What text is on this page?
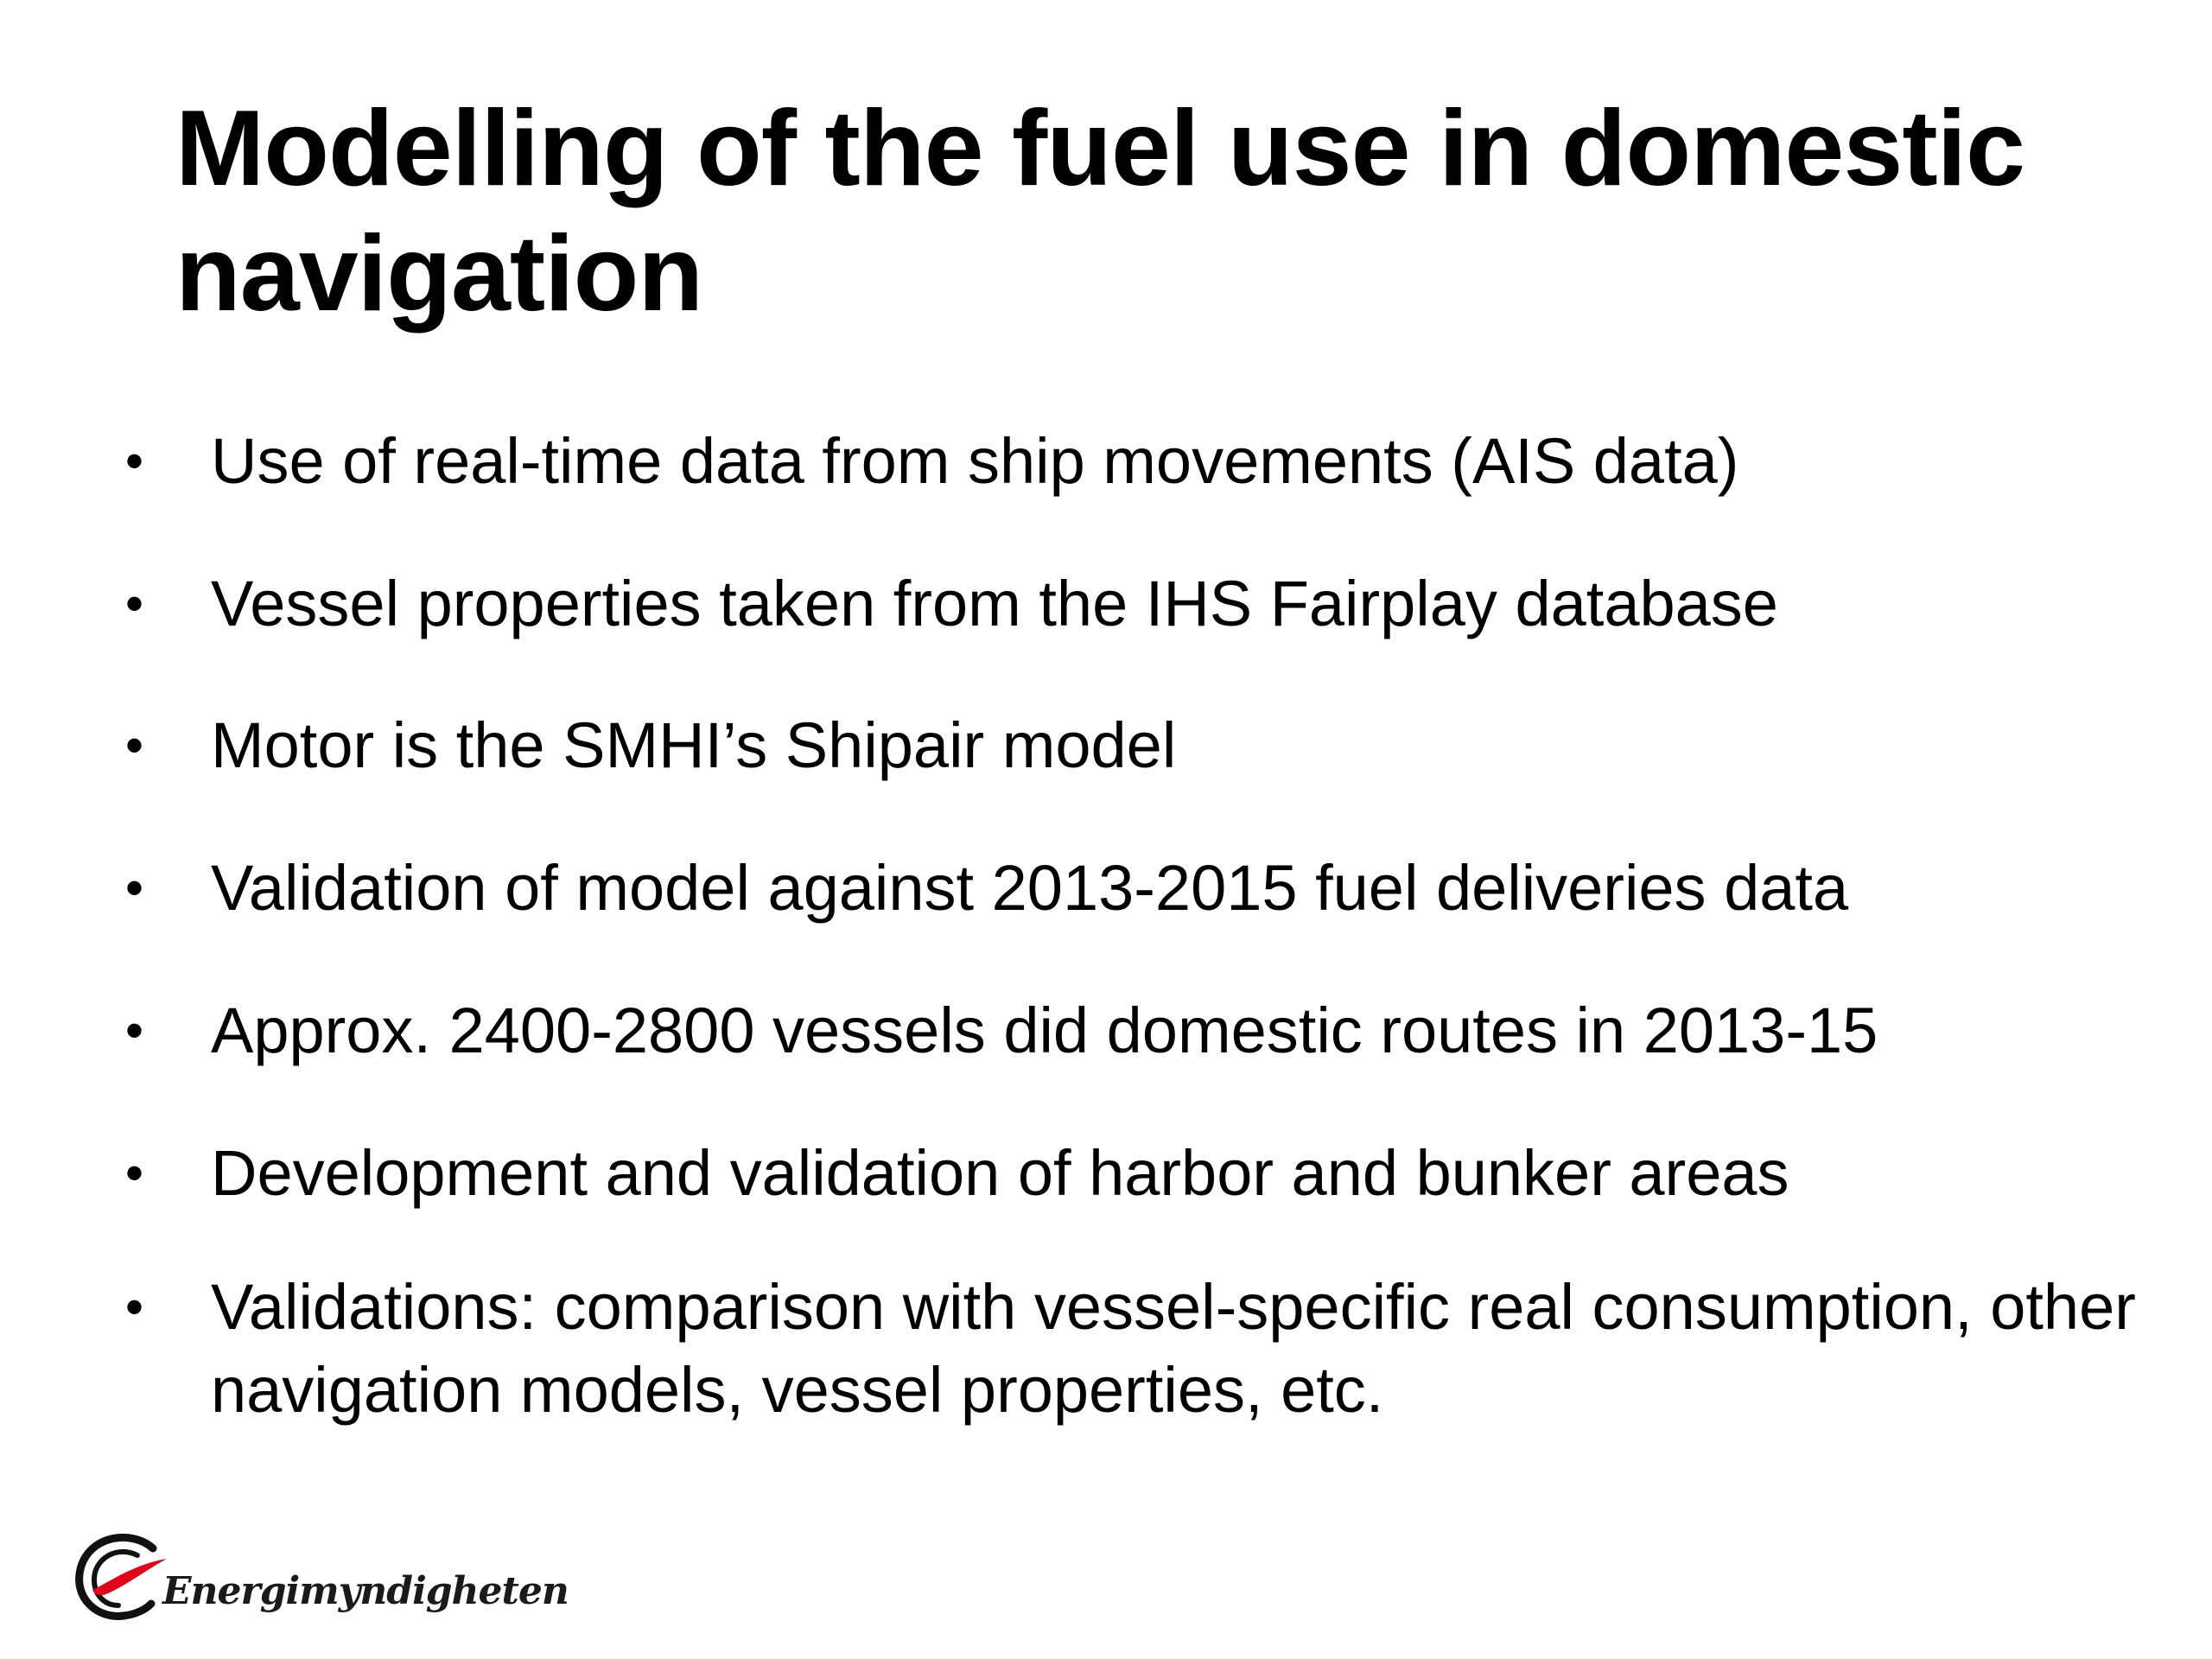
Modelling of the fuel use in domestic navigation
• Use of real-time data from ship movements (AIS data)
• Vessel properties taken from the IHS Fairplay database
• Motor is the SMHI’s Shipair model
• Validation of model against 2013-2015 fuel deliveries data
• Approx. 2400-2800 vessels did domestic routes in 2013-15
• Development and validation of harbor and bunker areas
• Validations: comparison with vessel-specific real consumption, other navigation models, vessel properties, etc.
Energimyndigheten
